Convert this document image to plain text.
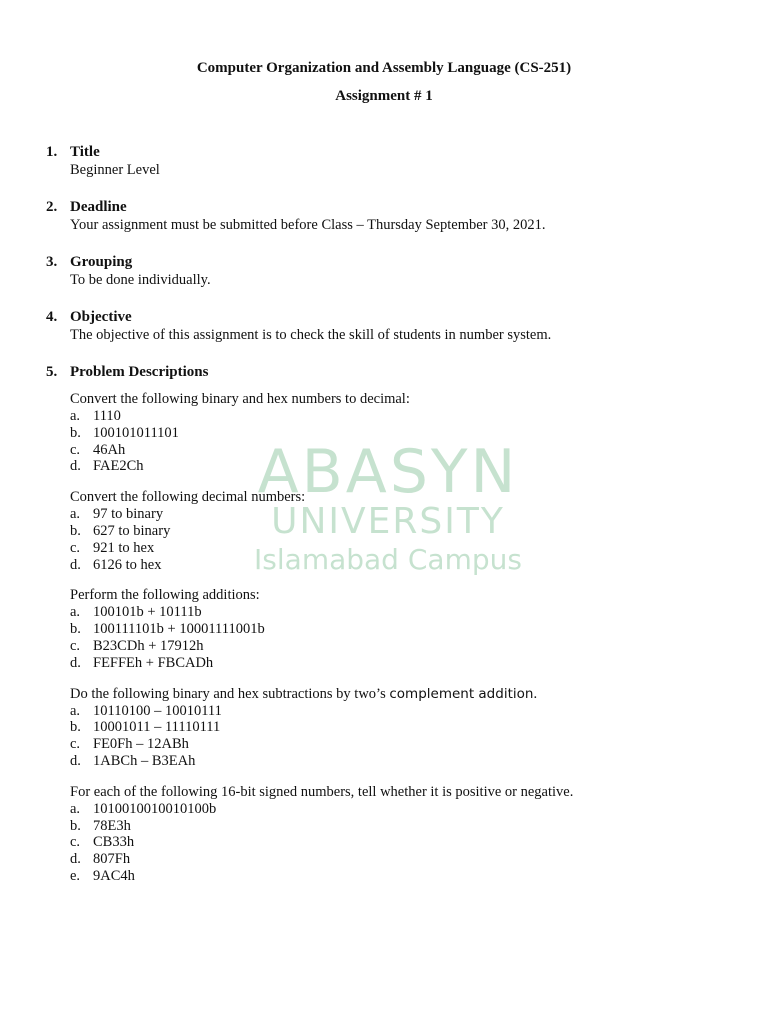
ABASYN
UNIVERSITY
Islamabad Campus
Computer Organization and Assembly Language (CS-251)
Assignment # 1
1. Title
Beginner Level
2. Deadline
Your assignment must be submitted before Class – Thursday September 30, 2021.
3. Grouping
To be done individually.
4. Objective
The objective of this assignment is to check the skill of students in number system.
5. Problem Descriptions
Convert the following binary and hex numbers to decimal:
a. 1110
b. 100101011101
c. 46Ah
d. FAE2Ch
Convert the following decimal numbers:
a. 97 to binary
b. 627 to binary
c. 921 to hex
d. 6126 to hex
Perform the following additions:
a. 100101b + 10111b
b. 100111101b + 10001111001b
c. B23CDh + 17912h
d. FEFFEh + FBCADh
Do the following binary and hex subtractions by two’s complement addition.
a. 10110100 – 10010111
b. 10001011 – 11110111
c. FE0Fh – 12ABh
d. 1ABCh – B3EAh
For each of the following 16-bit signed numbers, tell whether it is positive or negative.
a. 1010010010010100b
b. 78E3h
c. CB33h
d. 807Fh
e. 9AC4h
